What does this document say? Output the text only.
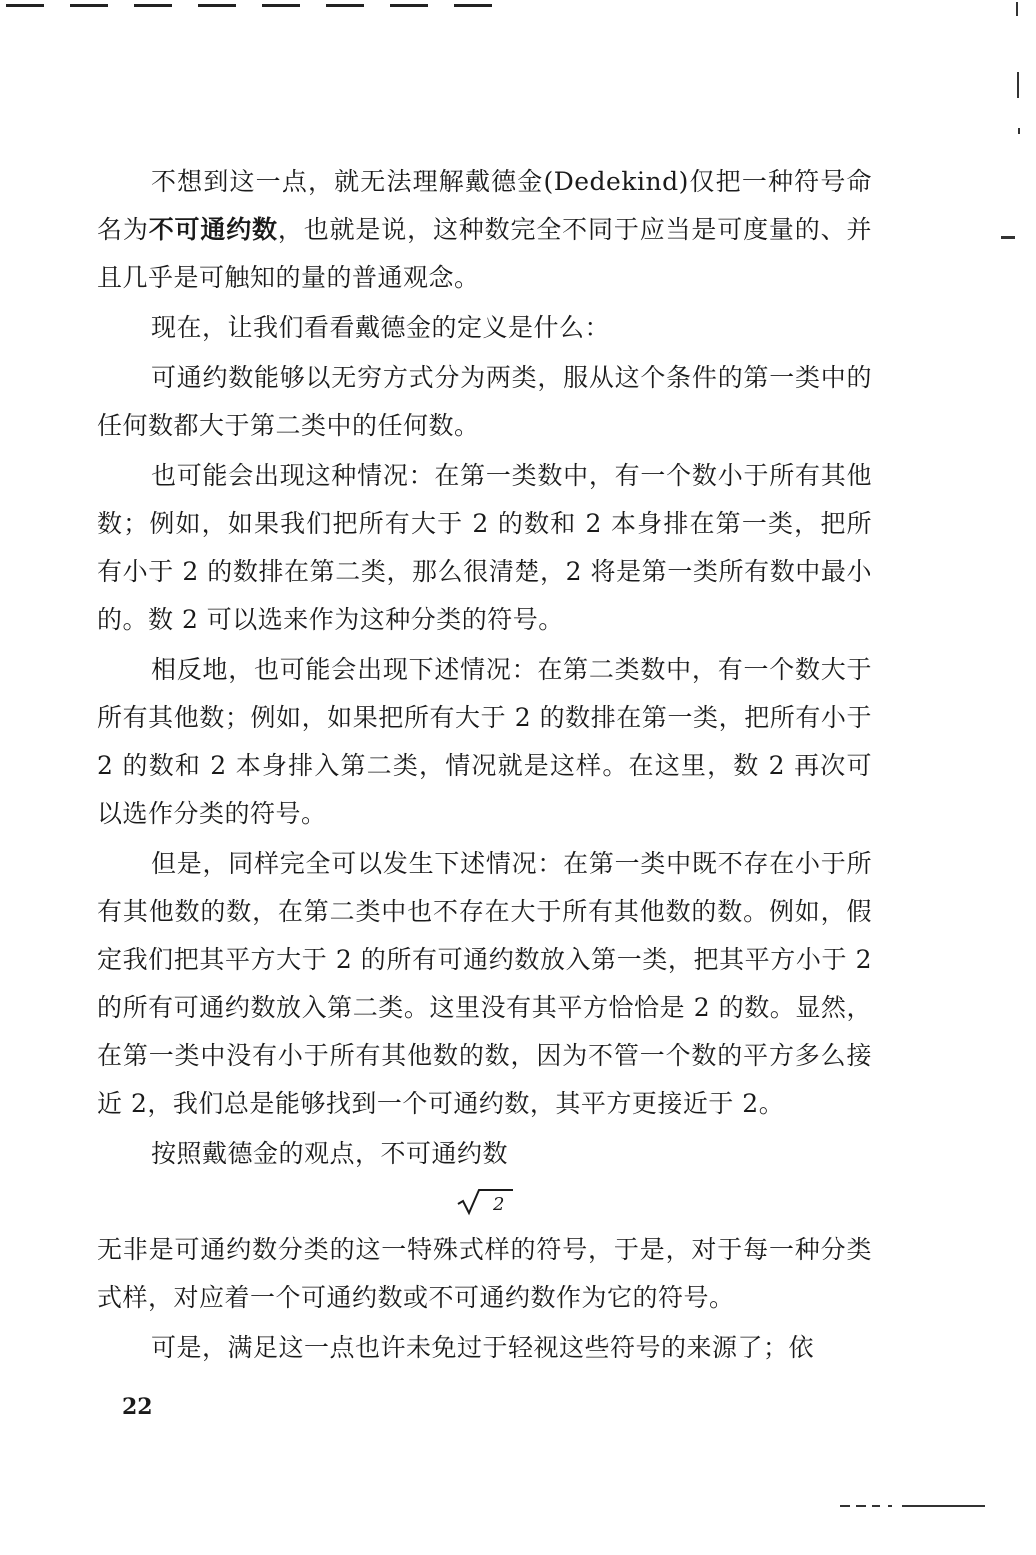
不想到这一点，就无法理解戴德金(Dedekind)仅把一种符号命名为不可通约数，也就是说，这种数完全不同于应当是可度量的、并且几乎是可触知的量的普通观念。

现在，让我们看看戴德金的定义是什么：

可通约数能够以无穷方式分为两类，服从这个条件的第一类中的任何数都大于第二类中的任何数。

也可能会出现这种情况：在第一类数中，有一个数小于所有其他数；例如，如果我们把所有大于 2 的数和 2 本身排在第一类，把所有小于 2 的数排在第二类，那么很清楚，2 将是第一类所有数中最小的。数 2 可以选来作为这种分类的符号。

相反地，也可能会出现下述情况：在第二类数中，有一个数大于所有其他数；例如，如果把所有大于 2 的数排在第一类，把所有小于 2 的数和 2 本身排入第二类，情况就是这样。在这里，数 2 再次可以选作分类的符号。

但是，同样完全可以发生下述情况：在第一类中既不存在小于所有其他数的数，在第二类中也不存在大于所有其他数的数。例如，假定我们把其平方大于 2 的所有可通约数放入第一类，把其平方小于 2 的所有可通约数放入第二类。这里没有其平方恰恰是 2 的数。显然，在第一类中没有小于所有其他数的数，因为不管一个数的平方多么接近 2，我们总是能够找到一个可通约数，其平方更接近于 2。

按照戴德金的观点，不可通约数

2

无非是可通约数分类的这一特殊式样的符号，于是，对于每一种分类式样，对应着一个可通约数或不可通约数作为它的符号。

可是，满足这一点也许未免过于轻视这些符号的来源了；依

22
